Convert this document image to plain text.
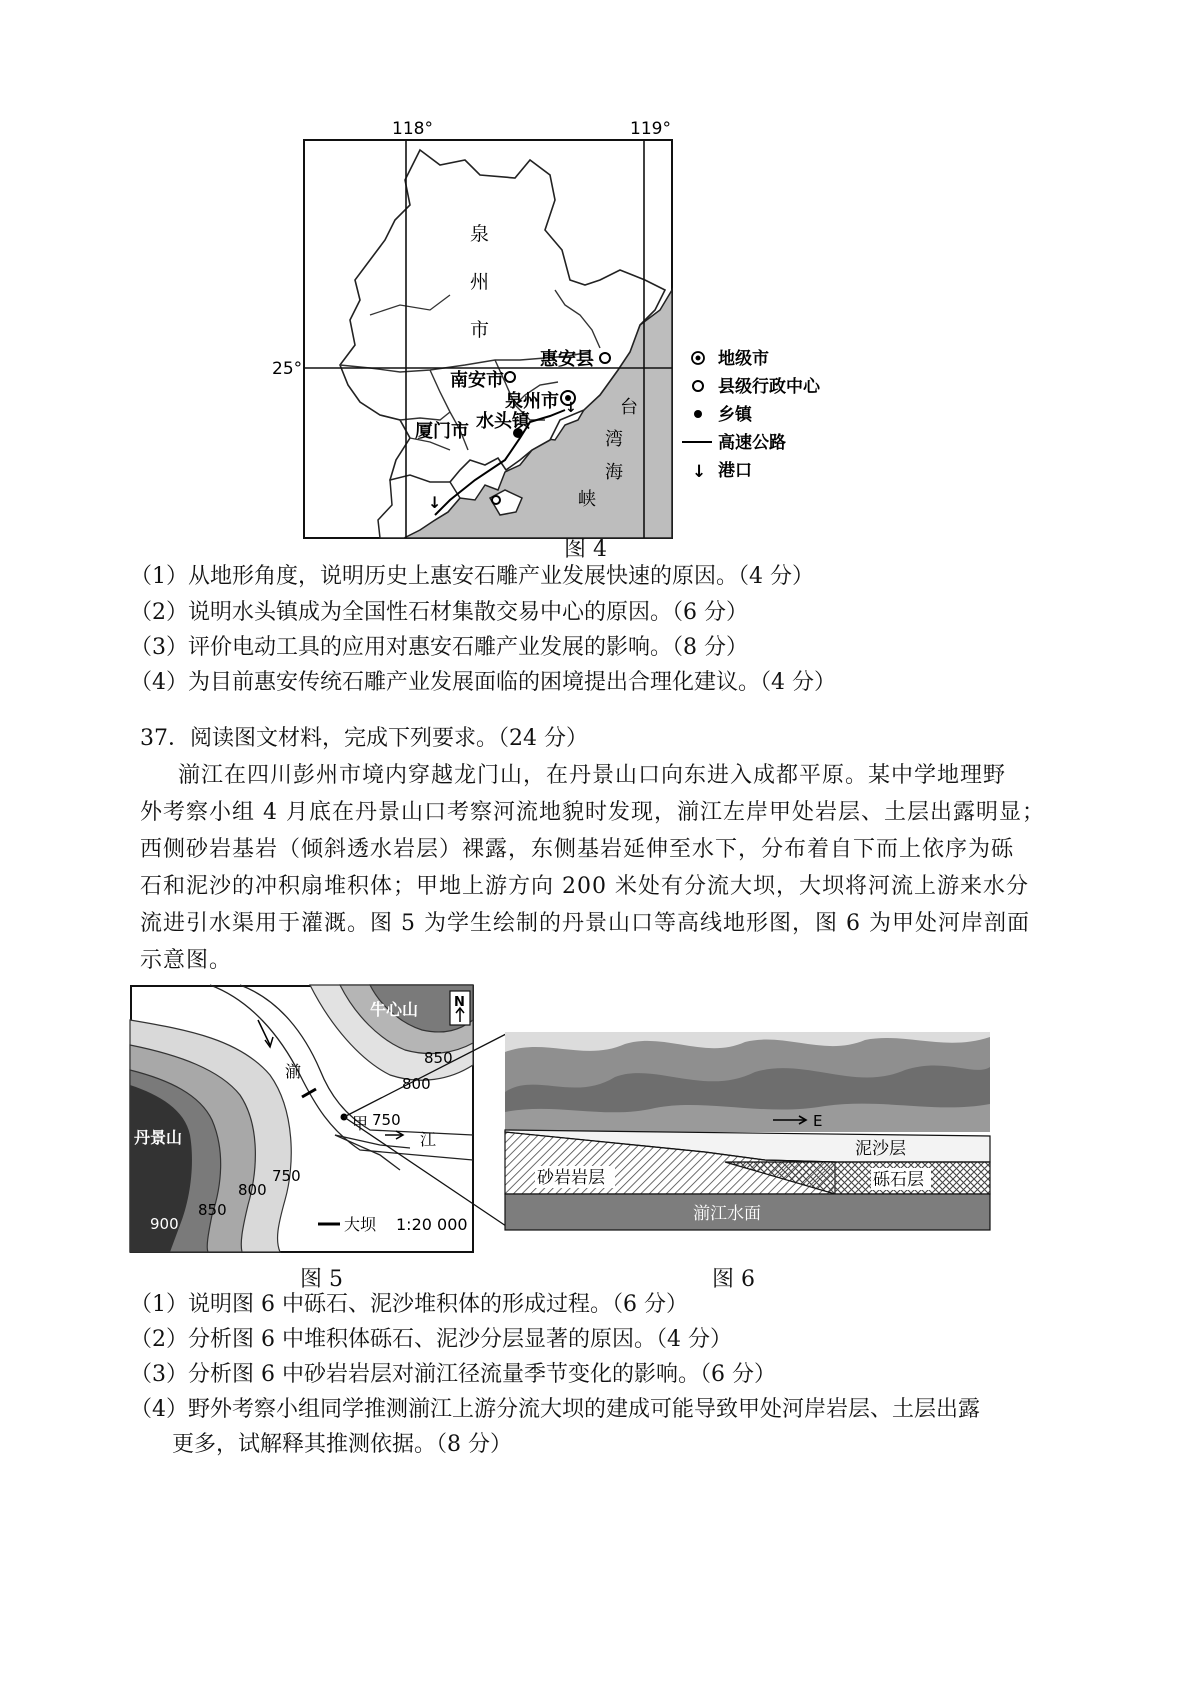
↓
↓
118°	119°
25°
泉
州
市
惠安县
南安市
泉州市
水头镇
厦门市
台
湾
海
峡
地级市
县级行政中心
乡镇
高速公路
↓ 港口
图 4
（1）从地形角度，说明历史上惠安石雕产业发展快速的原因。（4 分）
（2）说明水头镇成为全国性石材集散交易中心的原因。（6 分）
（3）评价电动工具的应用对惠安石雕产业发展的影响。（8 分）
（4）为目前惠安传统石雕产业发展面临的困境提出合理化建议。（4 分）
37．阅读图文材料，完成下列要求。（24 分）
湔江在四川彭州市境内穿越龙门山，在丹景山口向东进入成都平原。某中学地理野
外考察小组 4 月底在丹景山口考察河流地貌时发现，湔江左岸甲处岩层、土层出露明显；
西侧砂岩基岩（倾斜透水岩层）裸露，东侧基岩延伸至水下，分布着自下而上依序为砾
石和泥沙的冲积扇堆积体；甲地上游方向 200 米处有分流大坝，大坝将河流上游来水分
流进引水渠用于灌溉。图 5 为学生绘制的丹景山口等高线地形图，图 6 为甲处河岸剖面
示意图。
N
牛心山
丹景山
850
800
750
750
800
850
900
湔
江
甲
大坝 1:20 000
E
泥沙层
砂岩岩层	砾石层
湔江水面
图 5	图 6
（1）说明图 6 中砾石、泥沙堆积体的形成过程。（6 分）
（2）分析图 6 中堆积体砾石、泥沙分层显著的原因。（4 分）
（3）分析图 6 中砂岩岩层对湔江径流量季节变化的影响。（6 分）
（4）野外考察小组同学推测湔江上游分流大坝的建成可能导致甲处河岸岩层、土层出露
更多，试解释其推测依据。（8 分）
